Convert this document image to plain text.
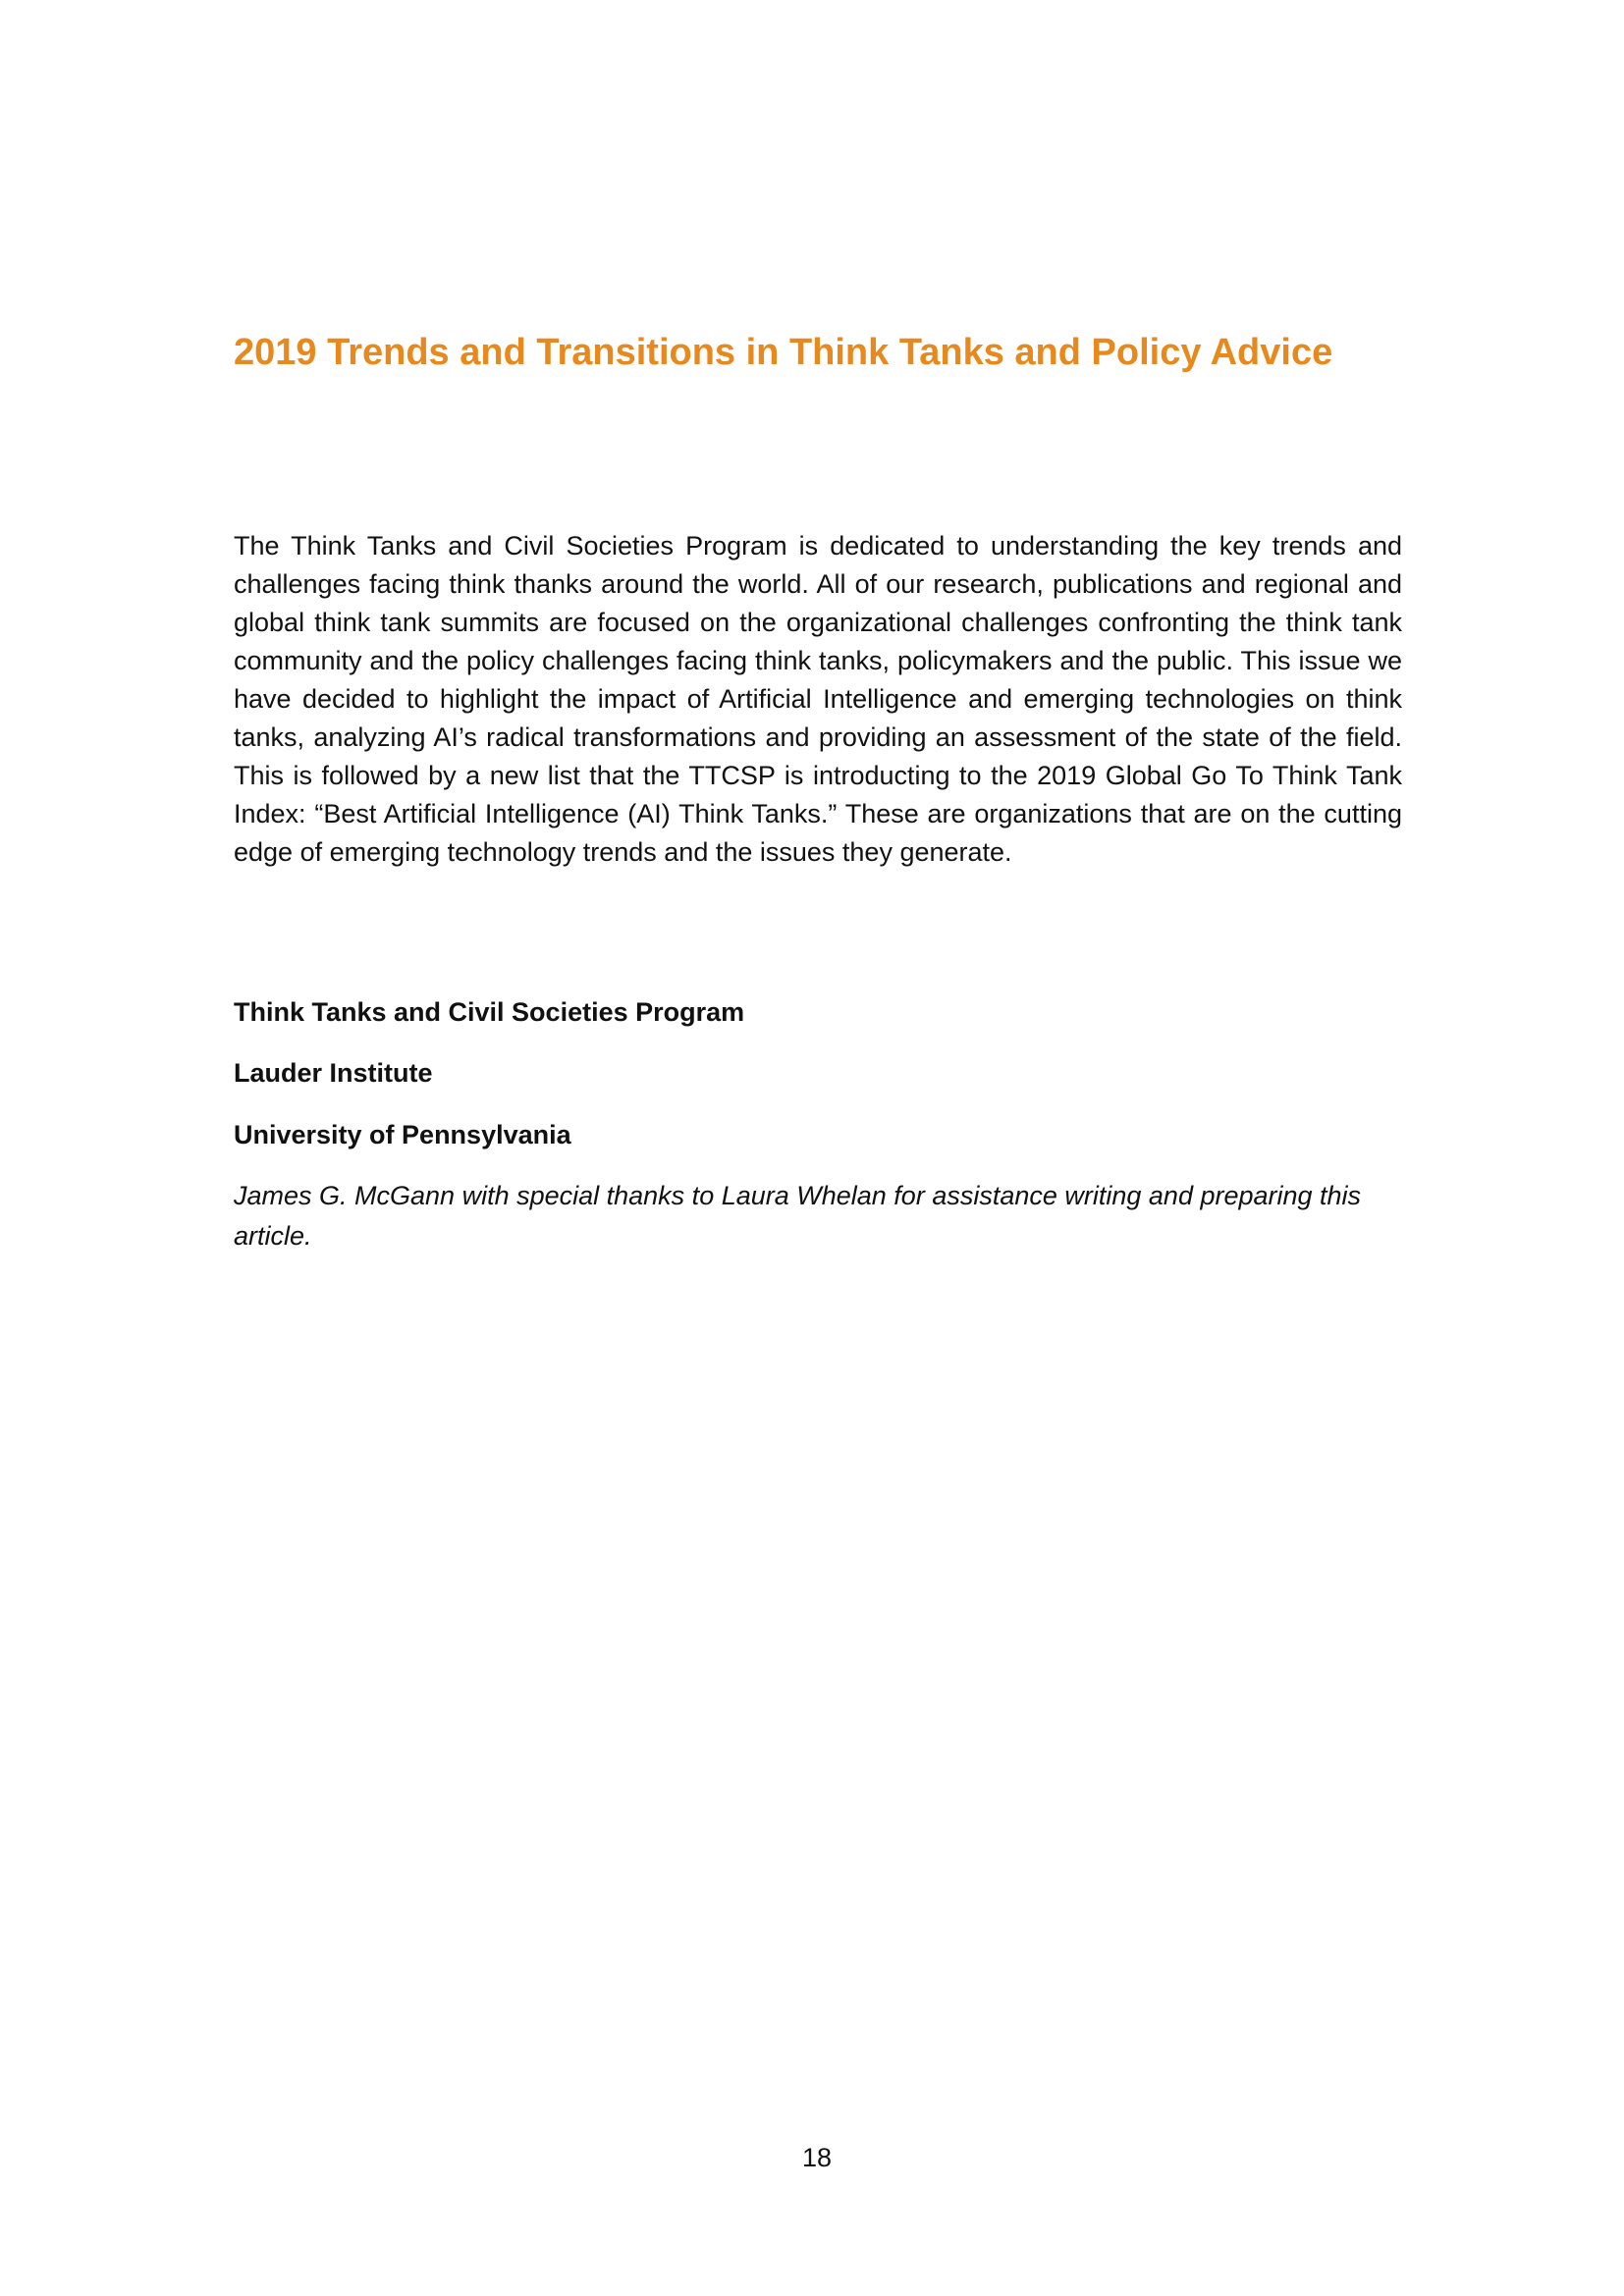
2019 Trends and Transitions in Think Tanks and Policy Advice

The Think Tanks and Civil Societies Program is dedicated to understanding the key trends and challenges facing think thanks around the world. All of our research, publications and regional and global think tank summits are focused on the organizational challenges confronting the think tank community and the policy challenges facing think tanks, policymakers and the public. This issue we have decided to highlight the impact of Artificial Intelligence and emerging technologies on think tanks, analyzing AI’s radical transformations and providing an assessment of the state of the field. This is followed by a new list that the TTCSP is introducting to the 2019 Global Go To Think Tank Index: “Best Artificial Intelligence (AI) Think Tanks.” These are organizations that are on the cutting edge of emerging technology trends and the issues they generate.

Think Tanks and Civil Societies Program

Lauder Institute

University of Pennsylvania

James G. McGann with special thanks to Laura Whelan for assistance writing and preparing this article.

18
